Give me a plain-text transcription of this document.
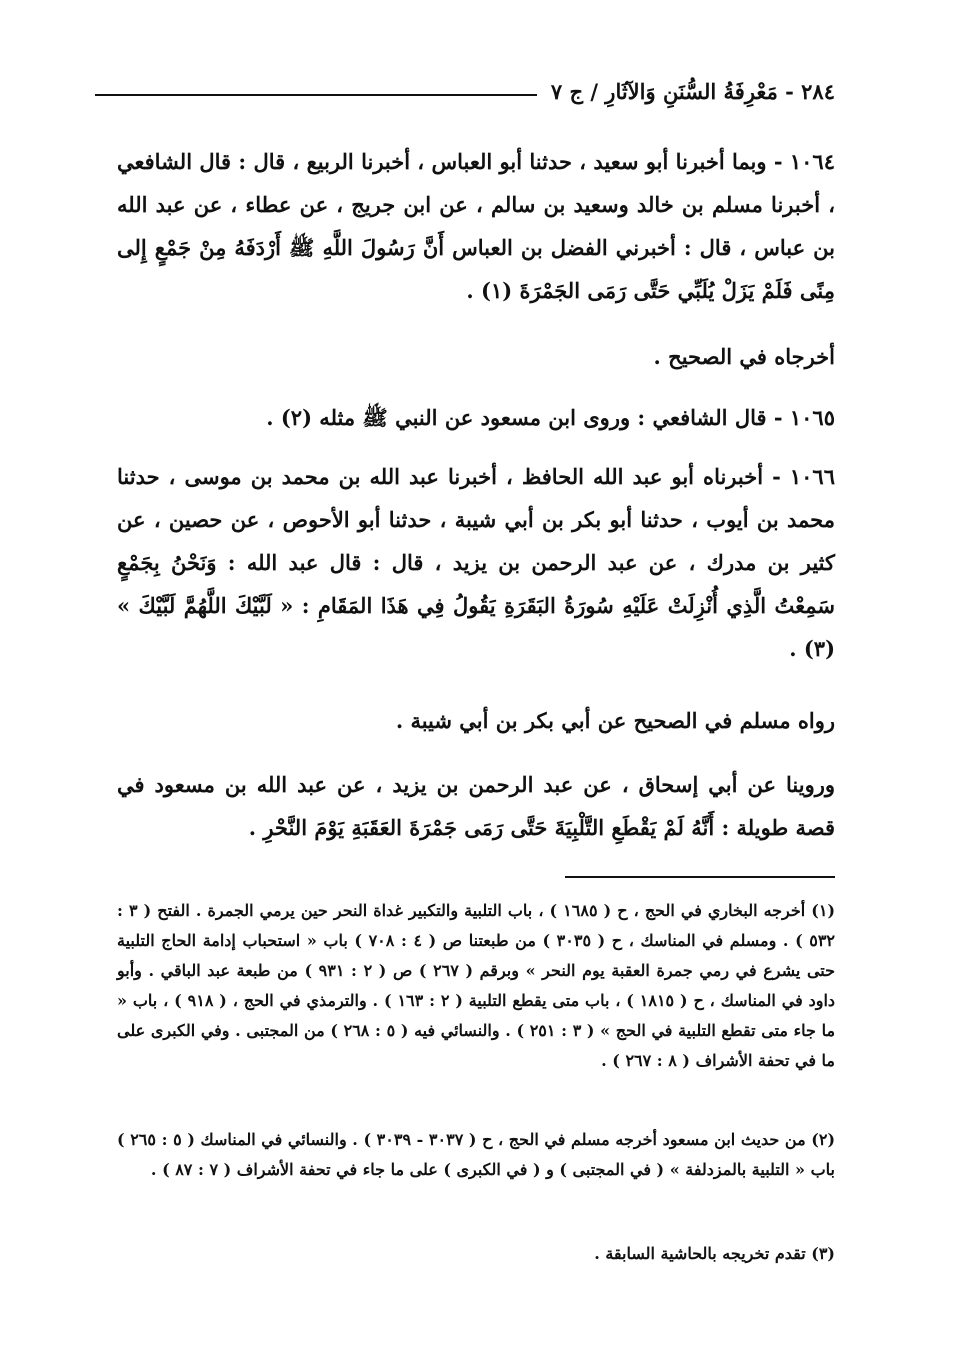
٢٨٤ - مَعْرِفَةُ السُّنَنِ وَالآثَارِ / ج ٧
١٠٦٤ - وبما أخبرنا أبو سعيد ، حدثنا أبو العباس ، أخبرنا الربيع ، قال : قال الشافعي ، أخبرنا مسلم بن خالد وسعيد بن سالم ، عن ابن جريج ، عن عطاء ، عن عبد الله بن عباس ، قال : أخبرني الفضل بن العباس أَنَّ رَسُولَ اللَّهِ ﷺ أَرْدَفَهُ مِنْ جَمْعٍ إِلى مِنًى فَلَمْ يَزَلْ يُلَبِّي حَتَّى رَمَى الجَمْرَةَ (١) .
أخرجاه في الصحيح .
١٠٦٥ - قال الشافعي : وروى ابن مسعود عن النبي ﷺ مثله (٢) .
١٠٦٦ - أخبرناه أبو عبد الله الحافظ ، أخبرنا عبد الله بن محمد بن موسى ، حدثنا محمد بن أيوب ، حدثنا أبو بكر بن أبي شيبة ، حدثنا أبو الأحوص ، عن حصين ، عن كثير بن مدرك ، عن عبد الرحمن بن يزيد ، قال : قال عبد الله : وَنَحْنُ بِجَمْعٍ سَمِعْتُ الَّذِي أُنْزِلَتْ عَلَيْهِ سُورَةُ البَقَرَةِ يَقُولُ فِي هَذَا المَقَامِ : « لَبَّيْكَ اللَّهُمَّ لَبَّيْكَ » (٣) .
رواه مسلم في الصحيح عن أبي بكر بن أبي شيبة .
وروينا عن أبي إسحاق ، عن عبد الرحمن بن يزيد ، عن عبد الله بن مسعود في قصة طويلة : أَنَّهُ لَمْ يَقْطَعِ التَّلْبِيَةَ حَتَّى رَمَى جَمْرَةَ العَقَبَةِ يَوْمَ النَّحْرِ .
(١) أخرجه البخاري في الحج ، ح ( ١٦٨٥ ) ، باب التلبية والتكبير غداة النحر حين يرمي الجمرة . الفتح ( ٣ : ٥٣٢ ) . ومسلم في المناسك ، ح ( ٣٠٣٥ ) من طبعتنا ص ( ٤ : ٧٠٨ ) باب « استحباب إدامة الحاج التلبية حتى يشرع في رمي جمرة العقبة يوم النحر » وبرقم ( ٢٦٧ ) ص ( ٢ : ٩٣١ ) من طبعة عبد الباقي . وأبو داود في المناسك ، ح ( ١٨١٥ ) ، باب متى يقطع التلبية ( ٢ : ١٦٣ ) . والترمذي في الحج ، ( ٩١٨ ) ، باب « ما جاء متى تقطع التلبية في الحج » ( ٣ : ٢٥١ ) . والنسائي فيه ( ٥ : ٢٦٨ ) من المجتبى . وفي الكبرى على ما في تحفة الأشراف ( ٨ : ٢٦٧ ) .
(٢) من حديث ابن مسعود أخرجه مسلم في الحج ، ح ( ٣٠٣٧ - ٣٠٣٩ ) . والنسائي في المناسك ( ٥ : ٢٦٥ ) باب « التلبية بالمزدلفة » ( في المجتبى ) و ( في الكبرى ) على ما جاء في تحفة الأشراف ( ٧ : ٨٧ ) .
(٣) تقدم تخريجه بالحاشية السابقة .
